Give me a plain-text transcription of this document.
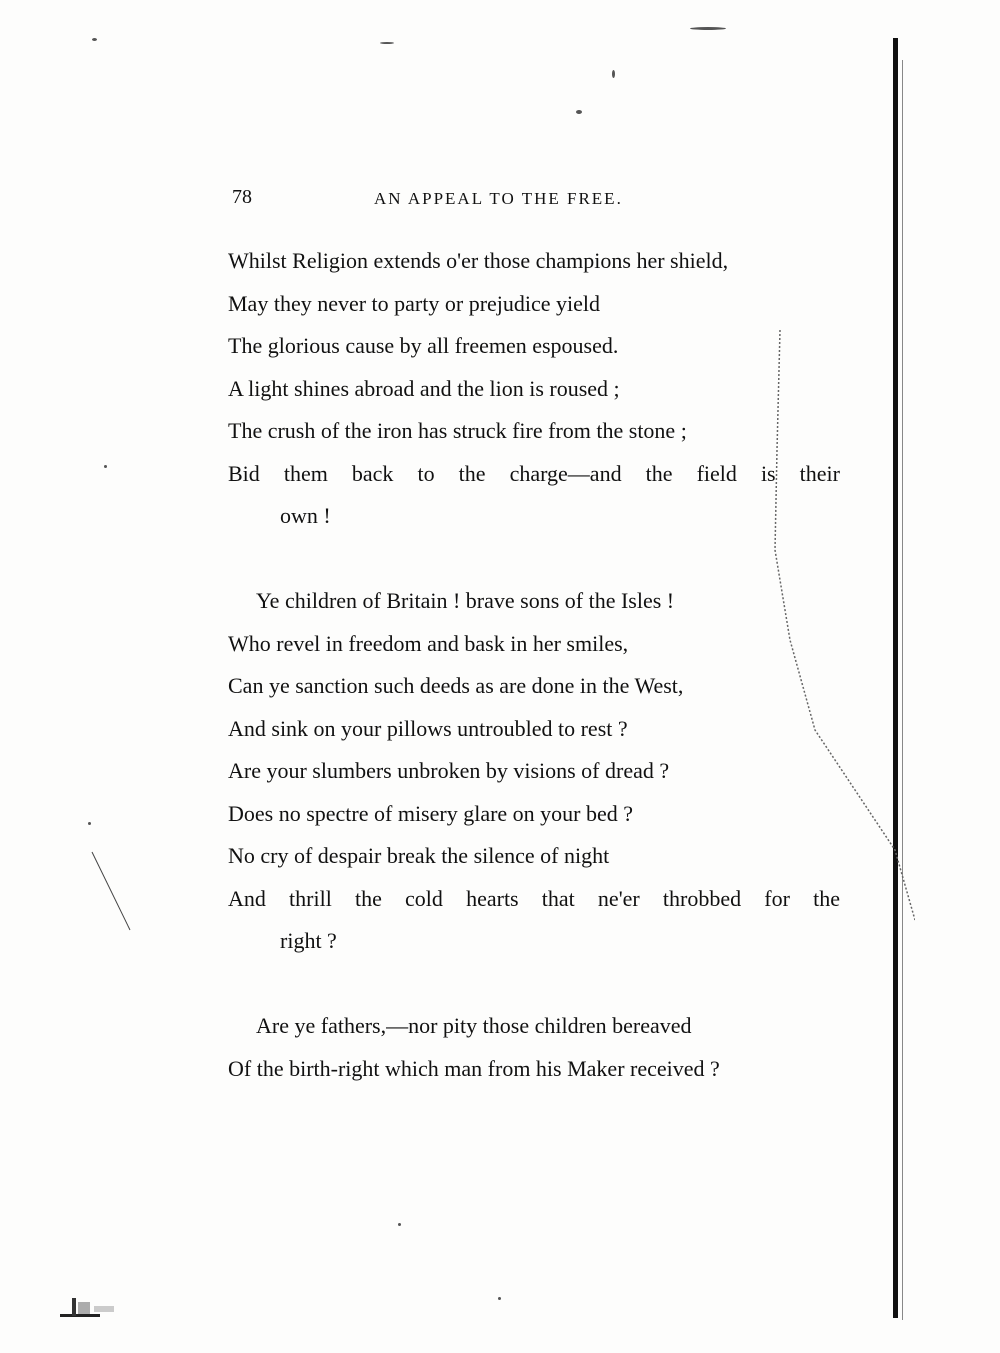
78	AN APPEAL TO THE FREE.
Whilst Religion extends o'er those champions her shield,
May they never to party or prejudice yield
The glorious cause by all freemen espoused.
A light shines abroad and the lion is roused ;
The crush of the iron has struck fire from the stone ;
Bid them back to the charge—and the field is their
own !
Ye children of Britain ! brave sons of the Isles !
Who revel in freedom and bask in her smiles,
Can ye sanction such deeds as are done in the West,
And sink on your pillows untroubled to rest ?
Are your slumbers unbroken by visions of dread ?
Does no spectre of misery glare on your bed ?
No cry of despair break the silence of night
And thrill the cold hearts that ne'er throbbed for the
right ?
Are ye fathers,—nor pity those children bereaved
Of the birth-right which man from his Maker received ?
